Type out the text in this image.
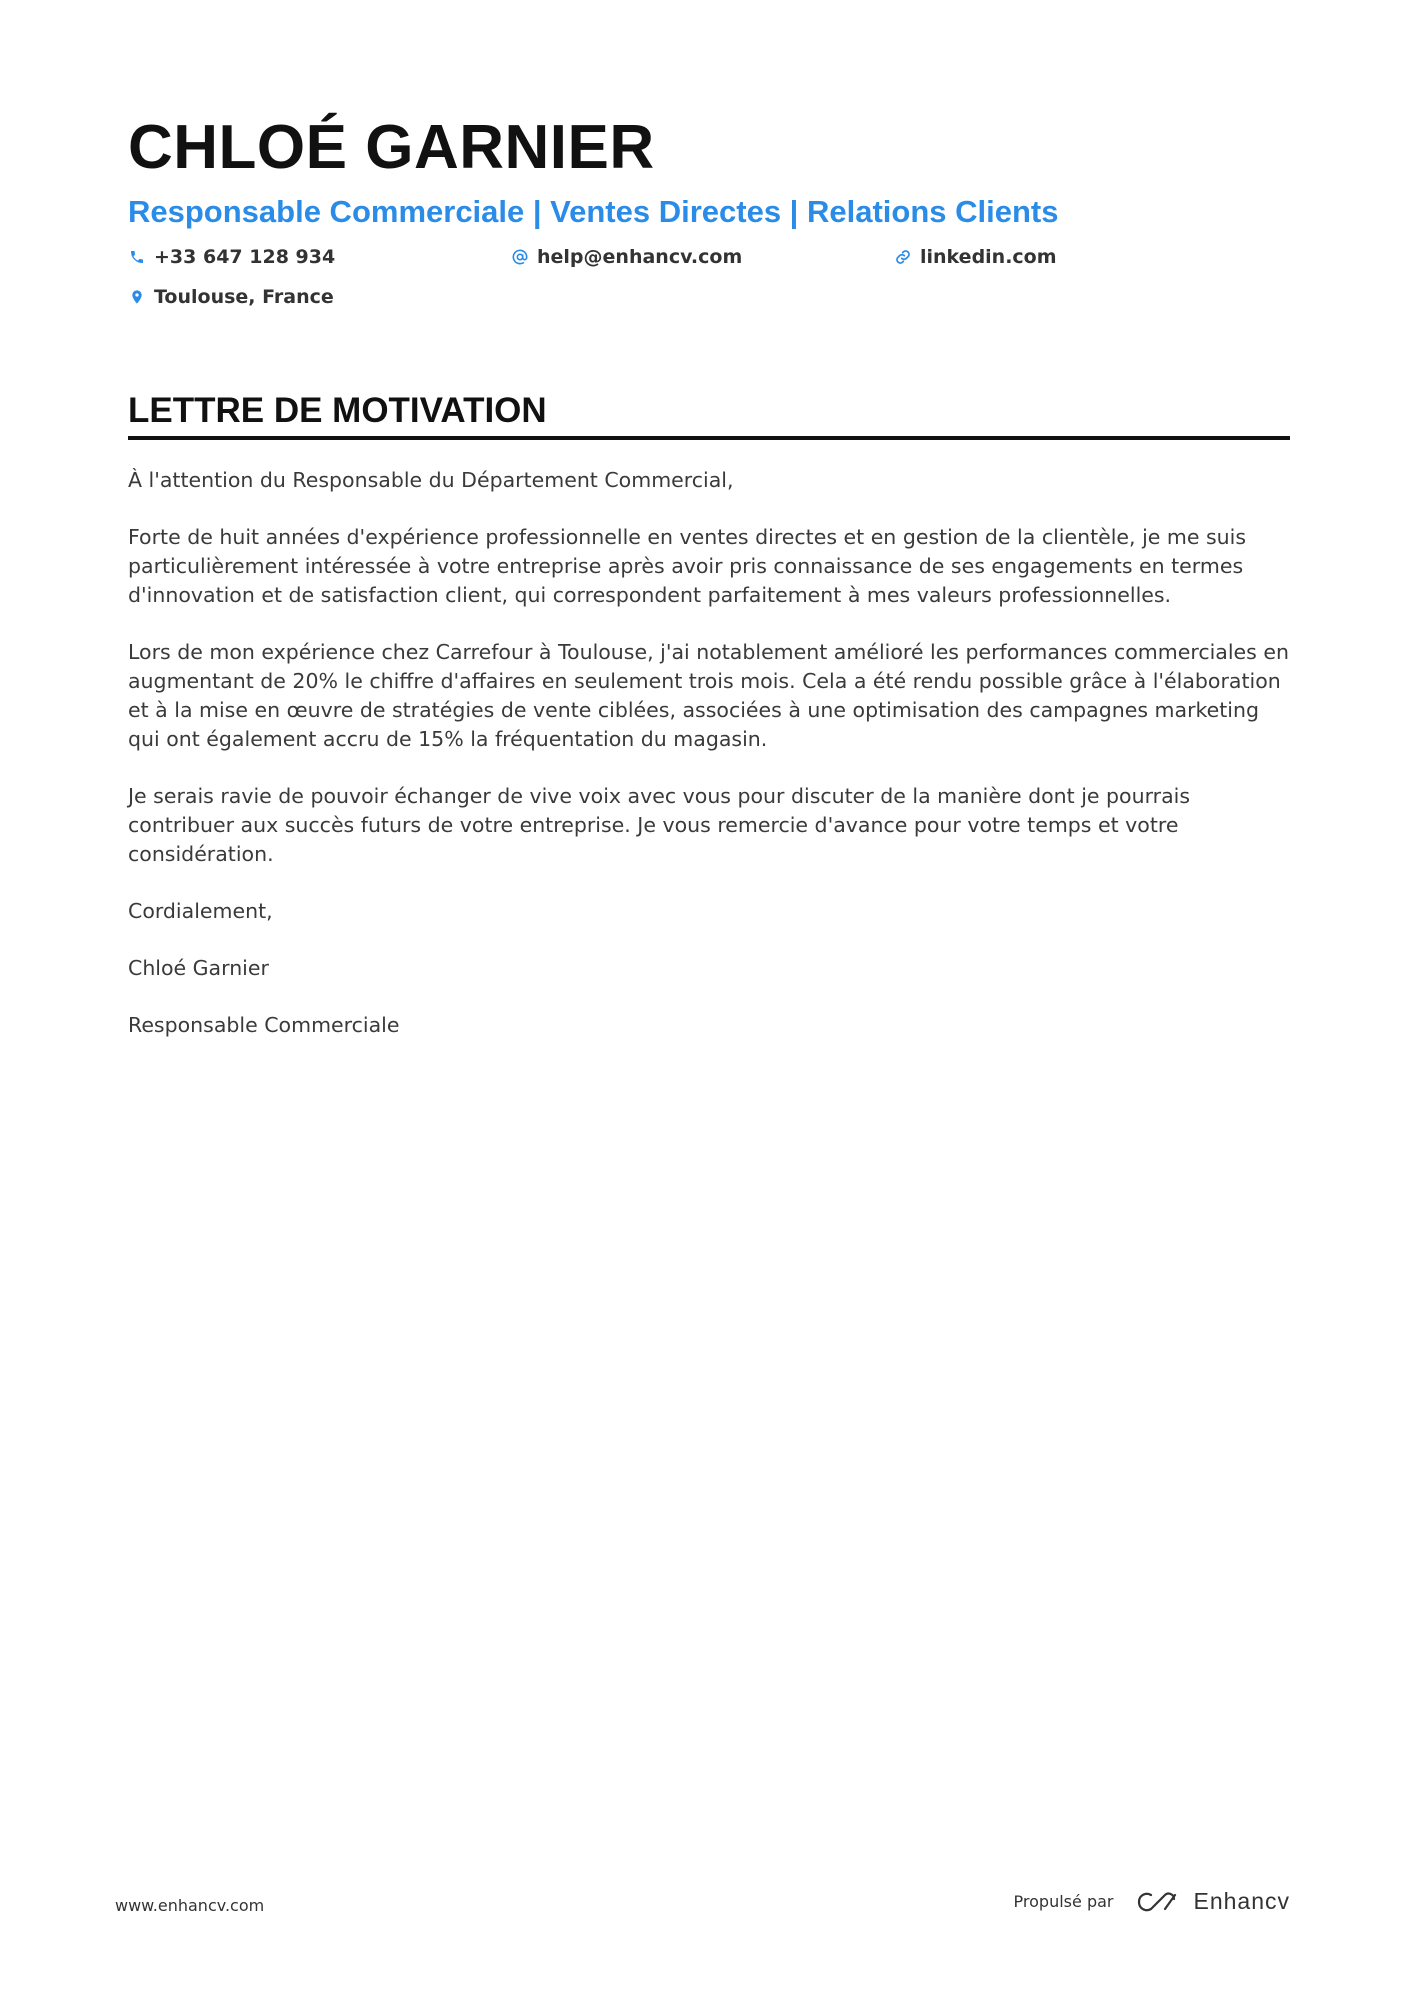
CHLOÉ GARNIER
Responsable Commerciale | Ventes Directes | Relations Clients
+33 647 128 934	help@enhancv.com	linkedin.com
Toulouse, France
LETTRE DE MOTIVATION

À l'attention du Responsable du Département Commercial,

Forte de huit années d'expérience professionnelle en ventes directes et en gestion de la clientèle, je me suis particulièrement intéressée à votre entreprise après avoir pris connaissance de ses engagements en termes d'innovation et de satisfaction client, qui correspondent parfaitement à mes valeurs professionnelles.

Lors de mon expérience chez Carrefour à Toulouse, j'ai notablement amélioré les performances commerciales en augmentant de 20% le chiffre d'affaires en seulement trois mois. Cela a été rendu possible grâce à l'élaboration et à la mise en œuvre de stratégies de vente ciblées, associées à une optimisation des campagnes marketing qui ont également accru de 15% la fréquentation du magasin.

Je serais ravie de pouvoir échanger de vive voix avec vous pour discuter de la manière dont je pourrais contribuer aux succès futurs de votre entreprise. Je vous remercie d'avance pour votre temps et votre considération.

Cordialement,

Chloé Garnier

Responsable Commerciale

www.enhancv.com	Propulsé par	Enhancv
